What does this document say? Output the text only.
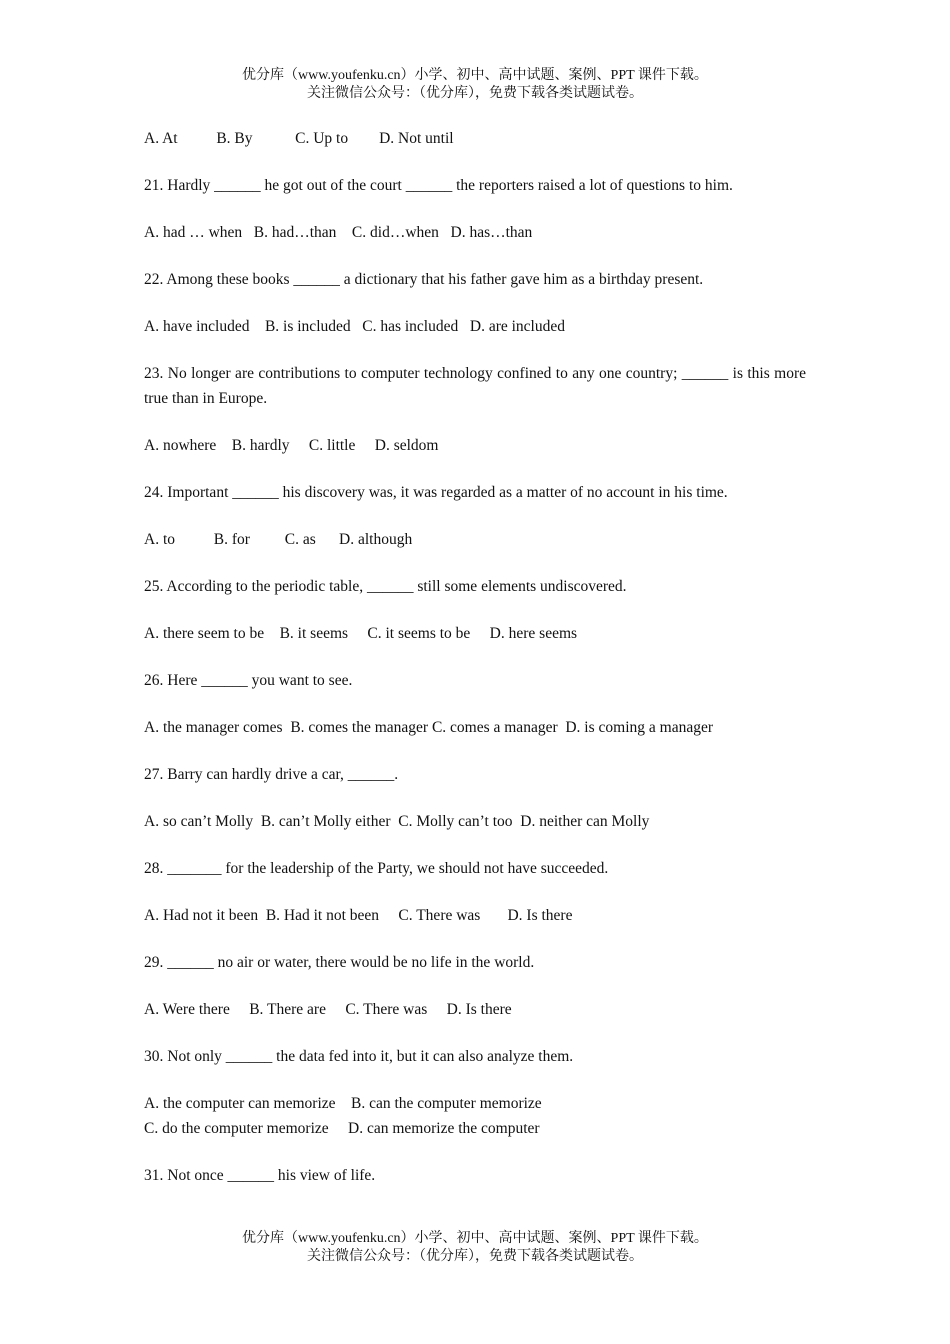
优分库（www.youfenku.cn）小学、初中、高中试题、案例、PPT 课件下载。
关注微信公众号：（优分库），免费下载各类试题试卷。
A. At          B. By           C. Up to        D. Not until
21. Hardly ______ he got out of the court ______ the reporters raised a lot of questions to him.
A. had … when   B. had…than    C. did…when   D. has…than
22. Among these books ______ a dictionary that his father gave him as a birthday present.
A. have included    B. is included   C. has included   D. are included
23. No longer are contributions to computer technology confined to any one country; ______ is this more true than in Europe.
A. nowhere    B. hardly     C. little     D. seldom
24. Important ______ his discovery was, it was regarded as a matter of no account in his time.
A. to          B. for         C. as      D. although
25. According to the periodic table, ______ still some elements undiscovered.
A. there seem to be    B. it seems     C. it seems to be     D. here seems
26. Here ______ you want to see.
A. the manager comes  B. comes the manager C. comes a manager  D. is coming a manager
27. Barry can hardly drive a car, ______.
A. so can’t Molly  B. can’t Molly either  C. Molly can’t too  D. neither can Molly
28. _______ for the leadership of the Party, we should not have succeeded.
A. Had not it been  B. Had it not been     C. There was       D. Is there
29. ______ no air or water, there would be no life in the world.
A. Were there     B. There are     C. There was     D. Is there
30. Not only ______ the data fed into it, but it can also analyze them.
A. the computer can memorize    B. can the computer memorize
C. do the computer memorize     D. can memorize the computer
31. Not once ______ his view of life.
优分库（www.youfenku.cn）小学、初中、高中试题、案例、PPT 课件下载。
关注微信公众号：（优分库），免费下载各类试题试卷。
